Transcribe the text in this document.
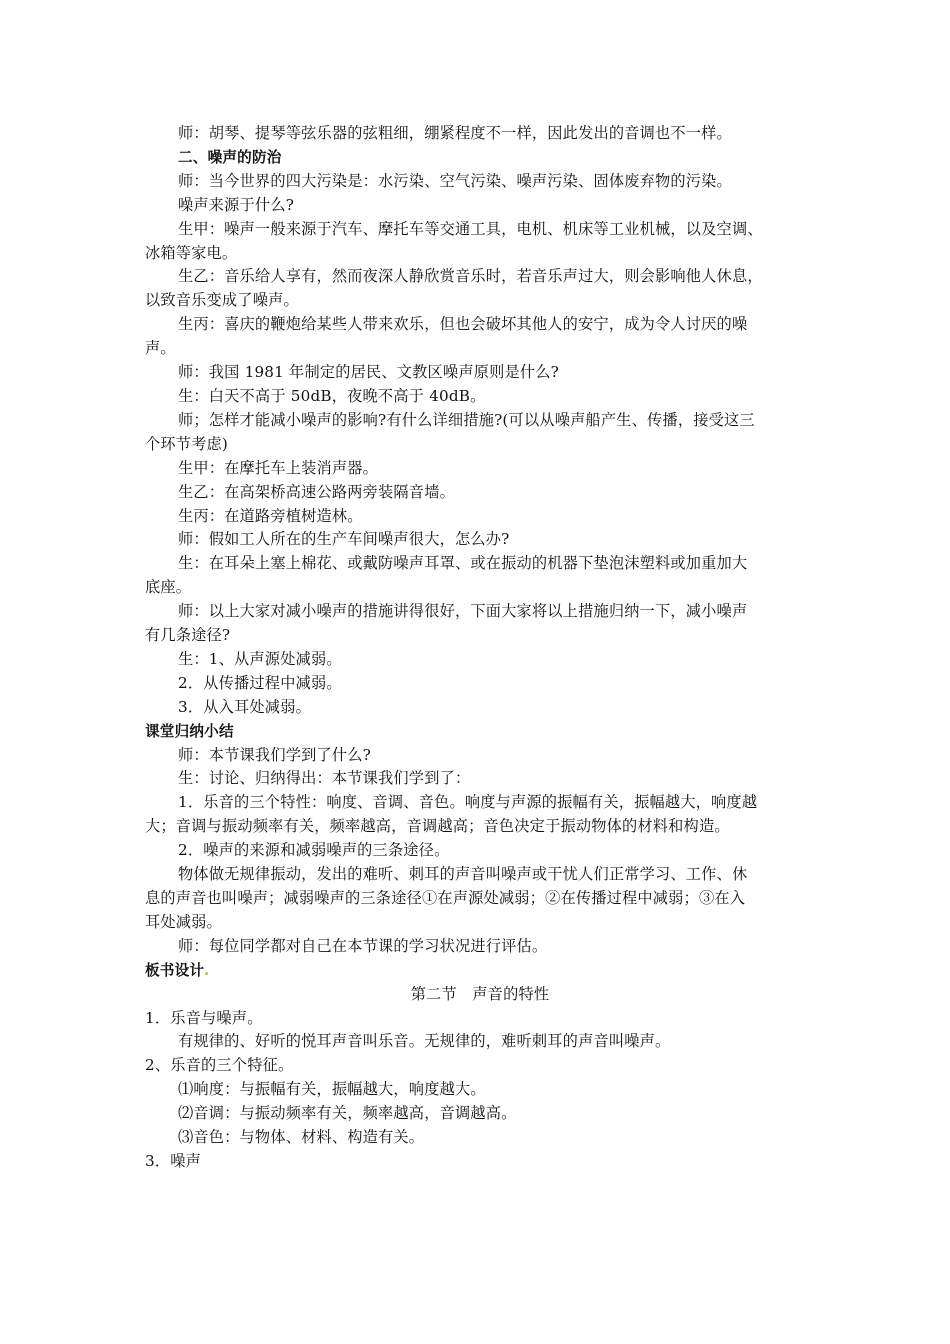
师：胡琴、提琴等弦乐器的弦粗细，绷紧程度不一样，因此发出的音调也不一样。
二、噪声的防治
师：当今世界的四大污染是：水污染、空气污染、噪声污染、固体废弃物的污染。
噪声来源于什么?
生甲：噪声一般来源于汽车、摩托车等交通工具，电机、机床等工业机械，以及空调、
冰箱等家电。
生乙：音乐给人享有，然而夜深人静欣赏音乐时，若音乐声过大，则会影响他人休息，
以致音乐变成了噪声。
生丙：喜庆的鞭炮给某些人带来欢乐，但也会破坏其他人的安宁，成为令人讨厌的噪
声。
师：我国 1981 年制定的居民、文教区噪声原则是什么?
生：白天不高于 50dB，夜晚不高于 40dB。
师；怎样才能减小噪声的影响?有什么详细措施?(可以从噪声船产生、传播，接受这三
个环节考虑)
生甲：在摩托车上装消声器。
生乙：在高架桥高速公路两旁装隔音墙。
生丙：在道路旁植树造林。
师：假如工人所在的生产车间噪声很大，怎么办?
生：在耳朵上塞上棉花、或戴防噪声耳罩、或在振动的机器下垫泡沫塑料或加重加大
底座。
师：以上大家对减小噪声的措施讲得很好，下面大家将以上措施归纳一下，减小噪声
有几条途径?
生：1、从声源处减弱。
2．从传播过程中减弱。
3．从入耳处减弱。
课堂归纳小结
师：本节课我们学到了什么?
生：讨论、归纳得出：本节课我们学到了：
1．乐音的三个特性：响度、音调、音色。响度与声源的振幅有关，振幅越大，响度越
大；音调与振动频率有关，频率越高，音调越高；音色决定于振动物体的材料和构造。
2．噪声的来源和减弱噪声的三条途径。
物体做无规律振动，发出的难听、刺耳的声音叫噪声或干忧人们正常学习、工作、休
息的声音也叫噪声；减弱噪声的三条途径①在声源处减弱；②在传播过程中减弱；③在入
耳处减弱。
师：每位同学都对自己在本节课的学习状况进行评估。
板书设计
第二节　声音的特性
1．乐音与噪声。
有规律的、好听的悦耳声音叫乐音。无规律的，难听刺耳的声音叫噪声。
2、乐音的三个特征。
⑴响度：与振幅有关，振幅越大，响度越大。
⑵音调：与振动频率有关，频率越高，音调越高。
⑶音色：与物体、材料、构造有关。
3．噪声
